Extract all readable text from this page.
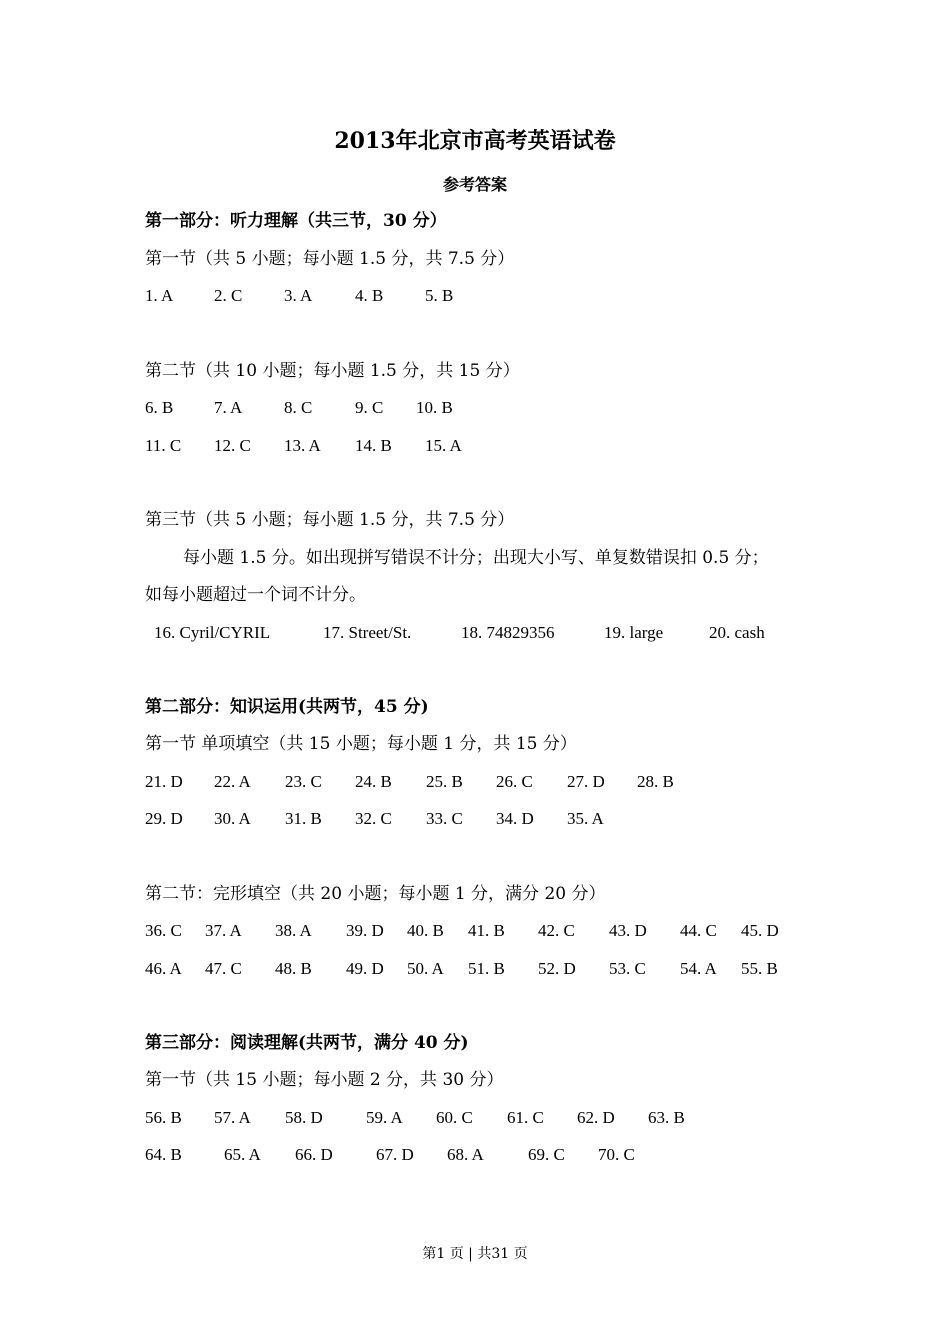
2013年北京市高考英语试卷
参考答案
第一部分：听力理解（共三节，30 分）
第一节（共 5 小题；每小题 1.5 分，共 7.5 分）
1. A 2. C 3. A	4. B 5. B
第二节（共 10 小题；每小题 1.5 分，共 15 分）
6. B 7. A 8. C	9. C 10. B
11. C 12. C 13. A 14. B 15. A
第三节（共 5 小题；每小题 1.5 分，共 7.5 分）
每小题 1.5 分。如出现拼写错误不计分；出现大小写、单复数错误扣 0.5 分；
如每小题超过一个词不计分。
16. Cyril/CYRIL	17. Street/St.	18. 74829356	19. large	20. cash
第二部分：知识运用(共两节，45 分)
第一节 单项填空（共 15 小题；每小题 1 分，共 15 分）
21. D 22. A 23. C 24. B 25. B 26. C 27. D 28. B
29. D 30. A 31. B 32. C 33. C 34. D 35. A
第二节：完形填空（共 20 小题；每小题 1 分，满分 20 分）
36. C 37. A 38. A 39. D 40. B 41. B 42. C 43. D 44. C 45. D
46. A 47. C 48. B 49. D 50. A 51. B 52. D 53. C 54. A 55. B
第三部分：阅读理解(共两节，满分 40 分)
第一节（共 15 小题；每小题 2 分，共 30 分）
56. B 57. A 58. D	59. A 60. C 61. C 62. D 63. B
64. B 65. A 66. D	67. D 68. A	69. C 70. C
第1 页 | 共31 页
